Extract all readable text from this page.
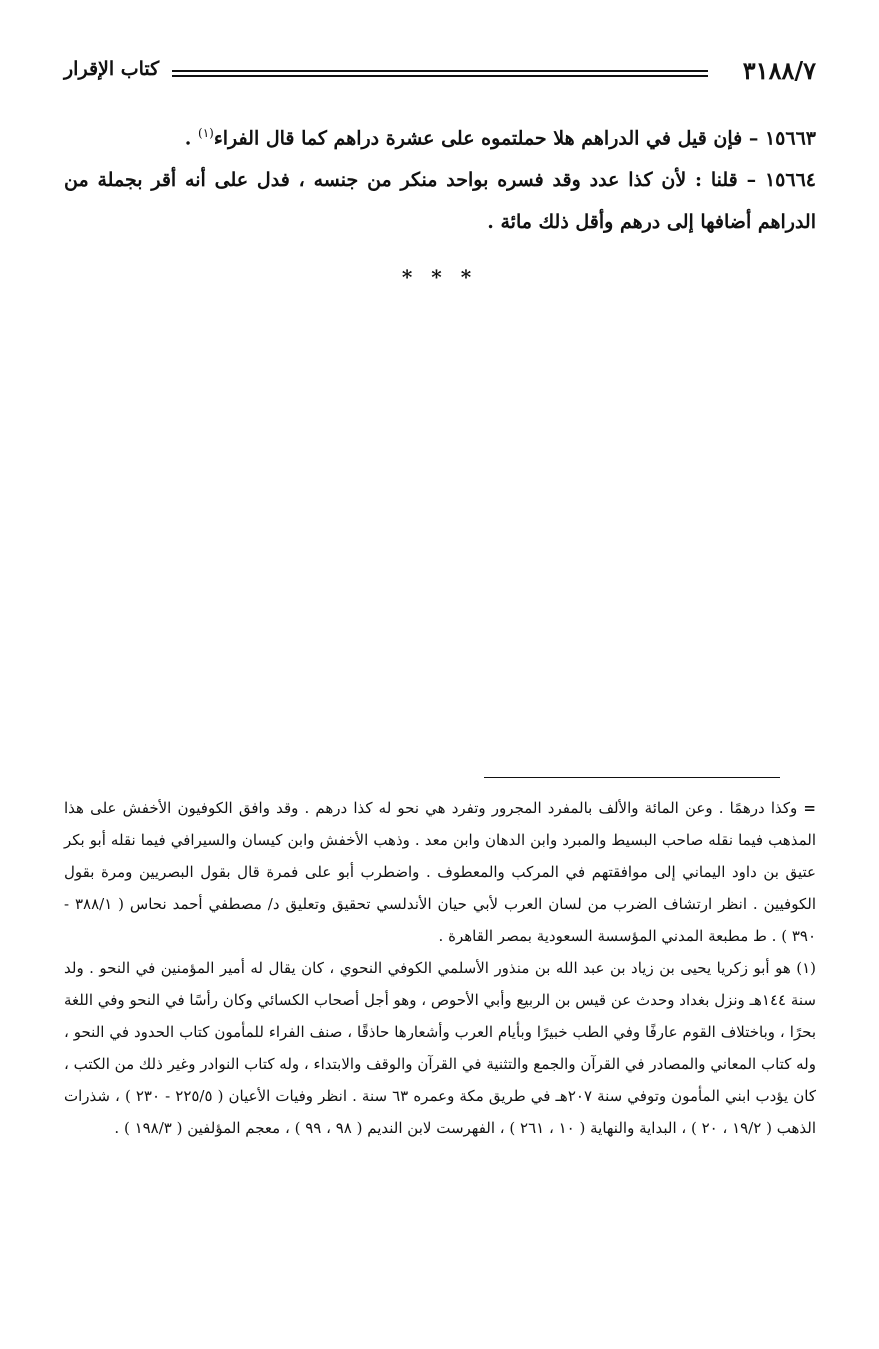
كتاب الإقرار	٣١٨٨/٧

١٥٦٦٣ – فإن قيل في الدراهم هلا حملتموه على عشرة دراهم كما قال الفراء$^{(١)}$ .

١٥٦٦٤ – قلنا : لأن كذا عدد وقد فسره بواحد منكر من جنسه ، فدل على أنه أقر بجملة من الدراهم أضافها إلى درهم وأقل ذلك مائة .

* * *

= وكذا درهمًا . وعن المائة والألف بالمفرد المجرور وتفرد هي نحو له كذا درهم . وقد وافق الكوفيون الأخفش على هذا المذهب فيما نقله صاحب البسيط والمبرد وابن الدهان وابن معد . وذهب الأخفش وابن كيسان والسيرافي فيما نقله أبو بكر عتيق بن داود اليماني إلى موافقتهم في المركب والمعطوف . واضطرب أبو على فمرة قال بقول البصريين ومرة بقول الكوفيين . انظر ارتشاف الضرب من لسان العرب لأبي حيان الأندلسي تحقيق وتعليق د/ مصطفي أحمد نحاس ( ٣٨٨/١ - ٣٩٠ ) . ط مطبعة المدني المؤسسة السعودية بمصر القاهرة .

(١) هو أبو زكريا يحيى بن زياد بن عبد الله بن منذور الأسلمي الكوفي النحوي ، كان يقال له أمير المؤمنين في النحو . ولد سنة ١٤٤هـ ونزل بغداد وحدث عن قيس بن الربيع وأبي الأحوص ، وهو أجل أصحاب الكسائي وكان رأسًا في النحو وفي اللغة بحرًا ، وباختلاف القوم عارفًا وفي الطب خبيرًا وبأيام العرب وأشعارها حاذقًا ، صنف الفراء للمأمون كتاب الحدود في النحو ، وله كتاب المعاني والمصادر في القرآن والجمع والتثنية في القرآن والوقف والابتداء ، وله كتاب النوادر وغير ذلك من الكتب ، كان يؤدب ابني المأمون وتوفي سنة ٢٠٧هـ في طريق مكة وعمره ٦٣ سنة . انظر وفيات الأعيان ( ٢٢٥/٥ - ٢٣٠ ) ، شذرات الذهب ( ١٩/٢ ، ٢٠ ) ، البداية والنهاية ( ١٠ ، ٢٦١ ) ، الفهرست لابن النديم ( ٩٨ ، ٩٩ ) ، معجم المؤلفين ( ١٩٨/٣ ) .
